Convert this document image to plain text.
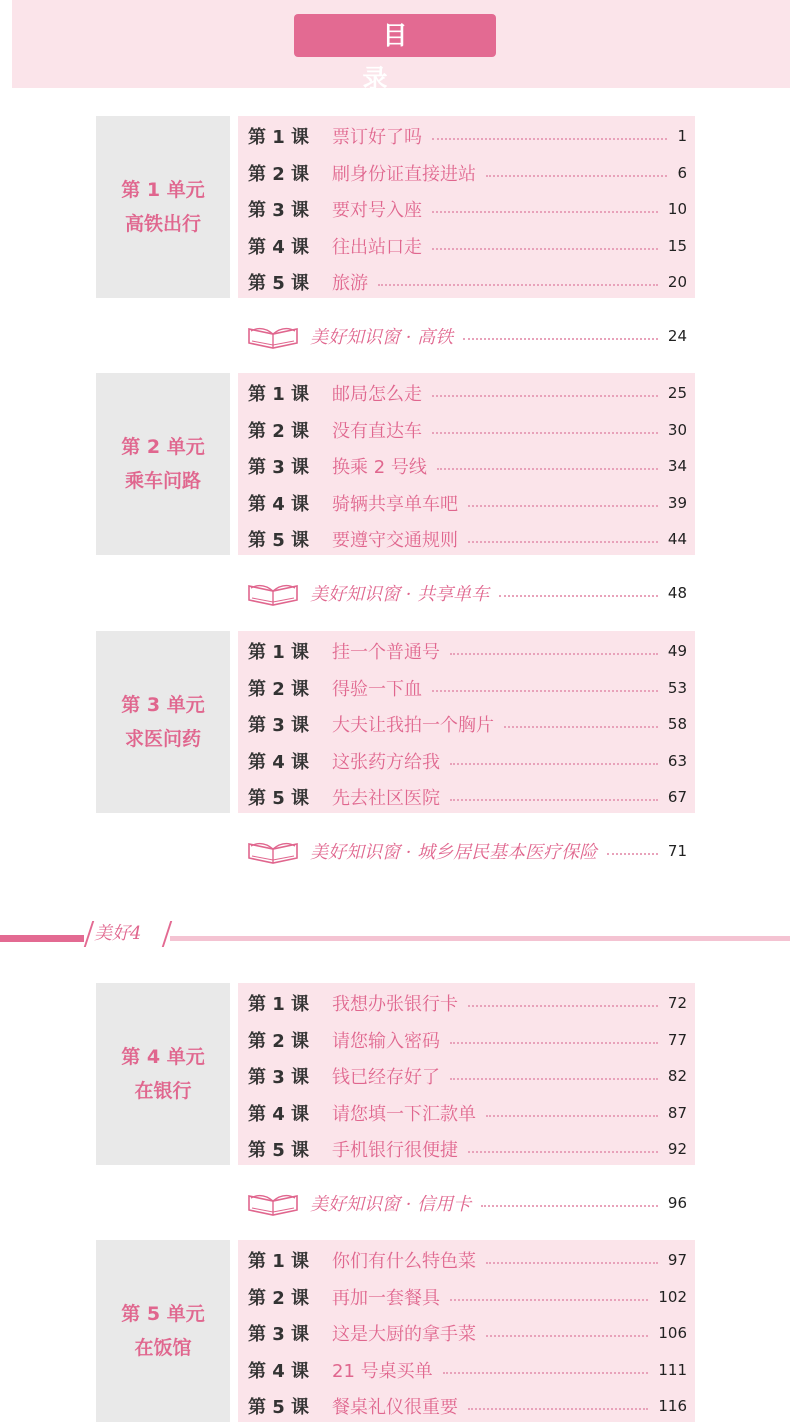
目 录
美好4
第 1 单元
高铁出行
第 1 课	票订好了吗	1
第 2 课	刷身份证直接进站	6
第 3 课	要对号入座	10
第 4 课	往出站口走	15
第 5 课	旅游	20
美好知识窗 · 高铁	24
第 2 单元
乘车问路
第 1 课	邮局怎么走	25
第 2 课	没有直达车	30
第 3 课	换乘 2 号线	34
第 4 课	骑辆共享单车吧	39
第 5 课	要遵守交通规则	44
美好知识窗 · 共享单车	48
第 3 单元
求医问药
第 1 课	挂一个普通号	49
第 2 课	得验一下血	53
第 3 课	大夫让我拍一个胸片	58
第 4 课	这张药方给我	63
第 5 课	先去社区医院	67
美好知识窗 · 城乡居民基本医疗保险	71
第 4 单元
在银行
第 1 课	我想办张银行卡	72
第 2 课	请您输入密码	77
第 3 课	钱已经存好了	82
第 4 课	请您填一下汇款单	87
第 5 课	手机银行很便捷	92
美好知识窗 · 信用卡	96
第 5 单元
在饭馆
第 1 课	你们有什么特色菜	97
第 2 课	再加一套餐具	102
第 3 课	这是大厨的拿手菜	106
第 4 课	21 号桌买单	111
第 5 课	餐桌礼仪很重要	116
